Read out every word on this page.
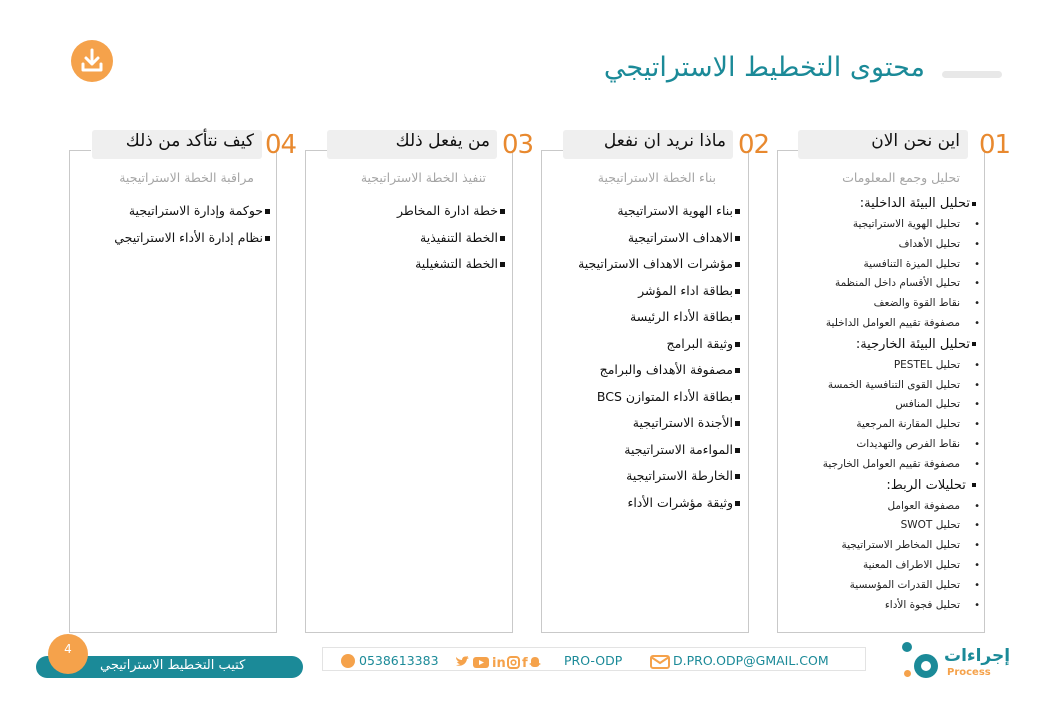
محتوى التخطيط الاستراتيجي
اين نحن الان 01
تحليل وجمع المعلومات
تحليل البيئة الداخلية:
• تحليل الهوية الاستراتيجية
• تحليل الأهداف
• تحليل الميزة التنافسية
• تحليل الأقسام داخل المنظمة
• نقاط القوة والضعف
• مصفوفة تقييم العوامل الداخلية
تحليل البيئة الخارجية:
• تحليل PESTEL
• تحليل القوى التنافسية الخمسة
• تحليل المنافس
• تحليل المقارنة المرجعية
• نقاط الفرص والتهديدات
• مصفوفة تقييم العوامل الخارجية
تحليلات الربط:
• مصفوفة العوامل
• تحليل SWOT
• تحليل المخاطر الاستراتيجية
• تحليل الاطراف المعنية
• تحليل القدرات المؤسسية
• تحليل فجوة الأداء
ماذا نريد ان نفعل 02
بناء الخطة الاستراتيجية
بناء الهوية الاستراتيجية
الاهداف الاستراتيجية
مؤشرات الاهداف الاستراتيجية
بطاقة اداء المؤشر
بطاقة الأداء الرئيسة
وثيقة البرامج
مصفوفة الأهداف والبرامج
بطاقة الأداء المتوازن BCS
الأجندة الاستراتيجية
المواءمة الاستراتيجية
الخارطة الاستراتيجية
وثيقة مؤشرات الأداء
من يفعل ذلك 03
تنفيذ الخطة الاستراتيجية
خطة ادارة المخاطر
الخطة التنفيذية
الخطة التشغيلية
كيف نتأكد من ذلك 04
مراقبة الخطة الاستراتيجية
حوكمة وإدارة الاستراتيجية
نظام إدارة الأداء الاستراتيجي
4
كتيب التخطيط الاستراتيجي	0538613383	in f	PRO-ODP	D.PRO.ODP@GMAIL.COM	إجراءات
Process
